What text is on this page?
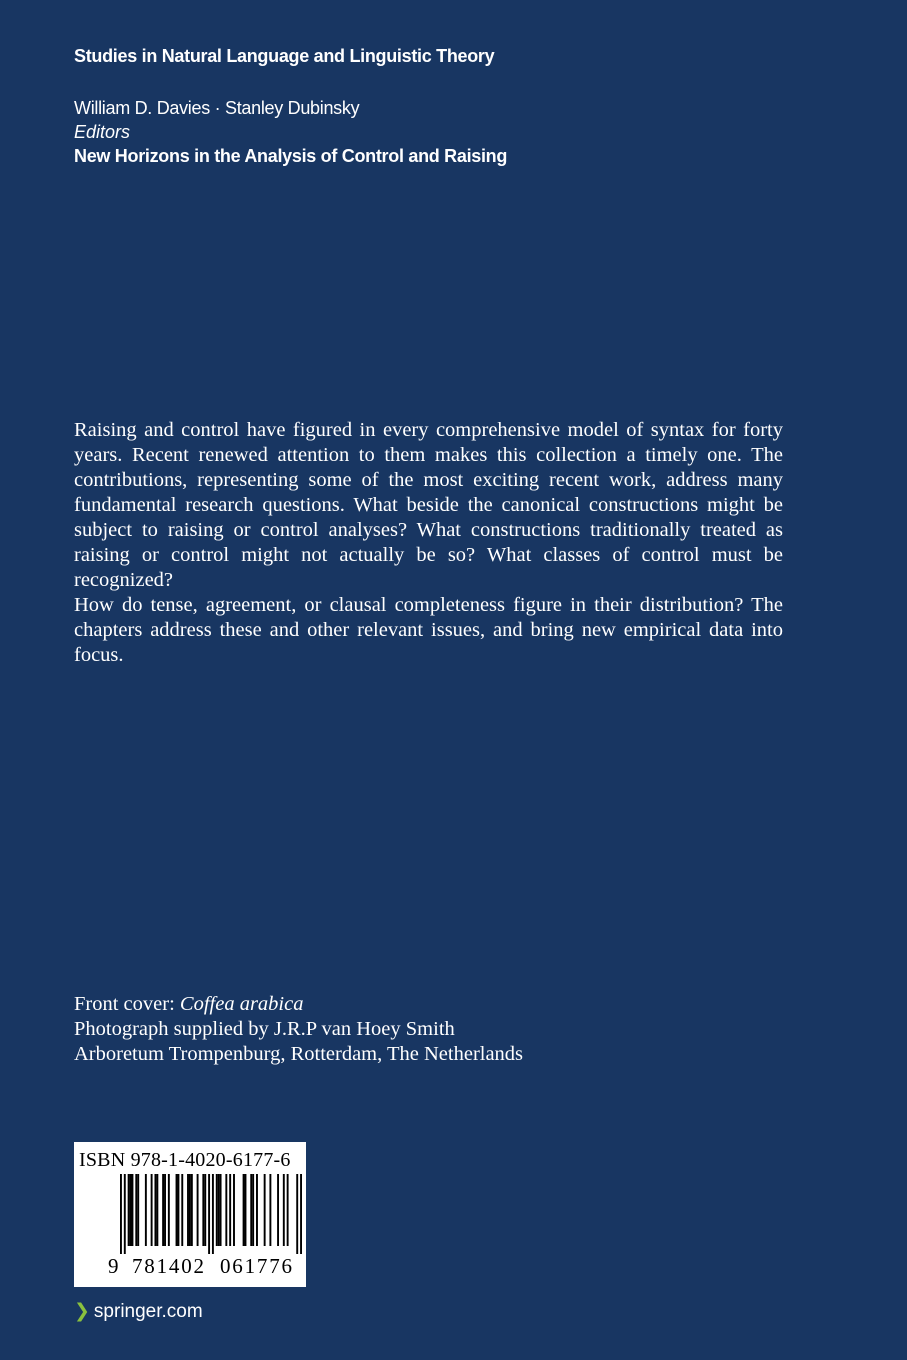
Studies in Natural Language and Linguistic Theory
William D. Davies · Stanley Dubinsky
Editors
New Horizons in the Analysis of Control and Raising

Raising and control have figured in every comprehensive model of syntax for forty years. Recent renewed attention to them makes this collection a timely one. The contributions, representing some of the most exciting recent work, address many fundamental research questions. What beside the canonical constructions might be subject to raising or control analyses? What constructions traditionally treated as raising or control might not actually be so? What classes of control must be recognized?

How do tense, agreement, or clausal completeness figure in their distribution? The chapters address these and other relevant issues, and bring new empirical data into focus.

Front cover: Coffea arabica
Photograph supplied by J.R.P van Hoey Smith
Arboretum Trompenburg, Rotterdam, The Netherlands
ISBN 978-1-4020-6177-6
9 781402 061776
❯ springer.com
